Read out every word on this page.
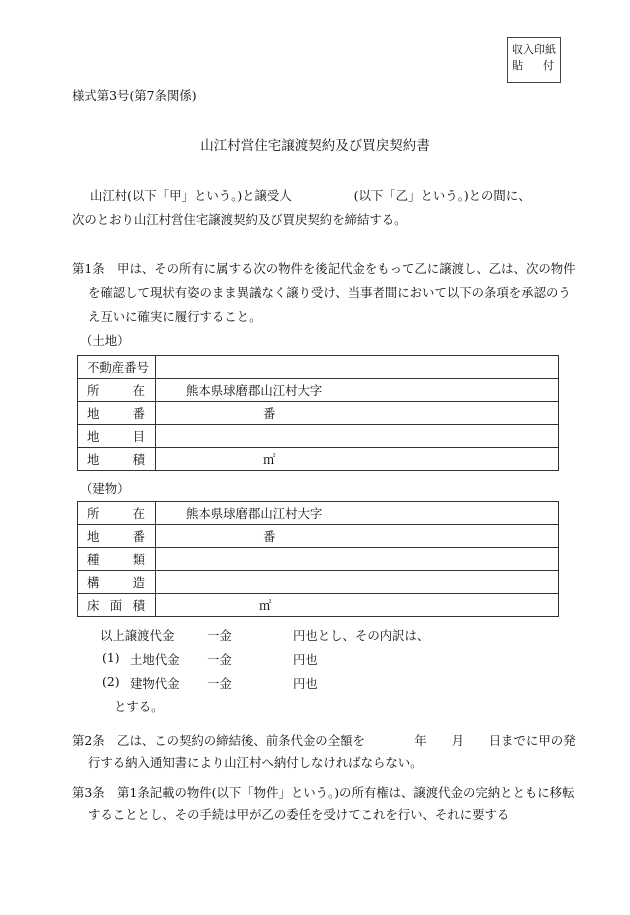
収入印紙
貼 付
様式第3号(第7条関係)
山江村営住宅譲渡契約及び買戻契約書
山江村(以下「甲」という。)と譲受人　　　　　(以下「乙」という。)との間に、
次のとおり山江村営住宅譲渡契約及び買戻契約を締結する。
第1条　甲は、その所有に属する次の物件を後記代金をもって乙に譲渡し、乙は、次の物件を確認して現状有姿のまま異議なく譲り受け、当事者間において以下の条項を承認のうえ互いに確実に履行すること。
（土地）
不動産番号	

所 在	熊本県球磨郡山江村大字

地 番	番

地 目	

地 積	㎡
（建物）
所 在	熊本県球磨郡山江村大字

地 番	番

種 類	

構 造	

床 面 積	㎡
以上譲渡代金	一金	円也とし、その内訳は、
(1) 土地代金 一金	円也
(2) 建物代金 一金	円也
とする。
第2条　乙は、この契約の締結後、前条代金の全額を　　　　年　　月　　日までに甲の発行する納入通知書により山江村へ納付しなければならない。
第3条　第1条記載の物件(以下「物件」という。)の所有権は、譲渡代金の完納とともに移転することとし、その手続は甲が乙の委任を受けてこれを行い、それに要する
